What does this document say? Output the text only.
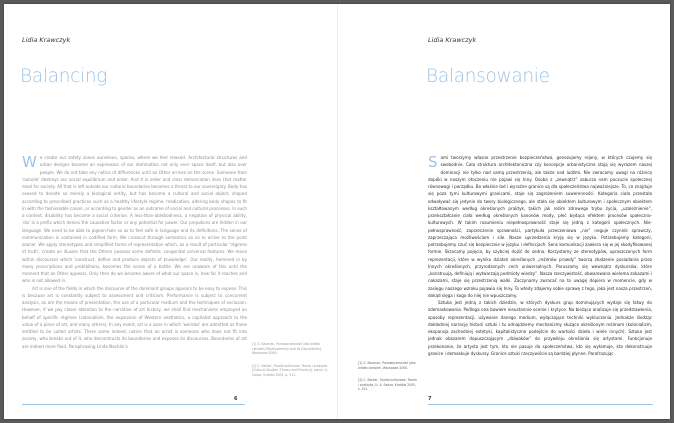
Lidia Krawczyk
Balancing

We create our safety zones ourselves, spaces, where we feel relaxed. Architectural structures and urban designs become an expression of our domination not only over space itself, but also over people. We do not take any notice of differences until an Other arrives on the scene. Someone from 'outside' destroys our social equilibrium and order. And it is order and clear demarcation lines that matter most for society. All that is left outside our cultural boundaries becomes a threat to our sovereignty. Body has ceased to denote so merely a biological entity, but has become a cultural and social object, shaped according to prescribed practices such as a healthy lifestyle régime, medication, altering body shapes to fit in with the fashionable canon, or according to gender as an outcome of social and cultural processes. In such a context, disability has become a social criterion. A less-than-ablebodiness, a negation of physical ability, 'dis' is a prefix which denies the causative factor or any potential for power. Our prejudices are hidden in our language. We need to be able to pigeon-hole so as to feel safe in language and its definitions. The sense of communication is contained in codified form. We crosscut through semantics so as to arrive to the point sooner. We apply stereotypes and simplified forms of representation which, as a result of particular 'régimes of truth', create an illusion that the Others possess some definite, congenital universal features. We move within discourses which 'construct, define and produce objects of knowledge'. Our reality, hemmed in by many proscriptions and prohibitions, becomes the scene of a battle. We are unaware of this until the moment that an Other appears. Only then do we become aware of what our space is, how far it reaches and who is not allowed in.

Art is one of the fields in which the discourse of the dominant groups appears to be easy to expose. This is because art is constantly subject to assessment and criticism. Performance is subject to concurrent analysis, as are the means of presentation, the use of a particular medium and the techniques of exclusion. However, if we pay closer attention to the narrative of art history, we shall find mechanisms employed on behalf of specific régimes (colonialism, the expansion of Western aesthetics, a capitalist approach to the value of a piece of art, and many others). In any event, art is a zone in which 'weirdos' are admitted as those entitled to be called artists. There some indeed, notice that an artist is someone who does not fit into society, who breaks out of it, who deconstructs its boundaries and exposes its discourses. Boundaries of art are indeed more fluid. Paraphrasing Linda Nochlin's	[1] Z. Bauman, Ponowoczesność jako źródło cierpień [Postmodernity and its Discontents], Warszawa 2000.
[2] C. Barker, Studia kulturowe. Teoria i praktyka [Cultural Studies: Theory and Practice], transl. A. Sadza, Kraków 2005, p. 511.
6
Lidia Krawczyk
Balansowanie

Sami tworzymy własne przestrzenie bezpieczeństwa, genezujemy rejony, w których czujemy się swobodnie. Cała struktura architektoniczna czy koncepcje urbanistyczne stają się wyrazem naszej dominacji nie tylko nad samą przestrzenią, ale także nad ludźmi. Nie zwracamy uwagi na różnicę dopóki w naszym otoczeniu nie pojawi się Inny. Osoba z „zewnątrz” zaburza nam poczucie społecznej równowagi i porządku. Bo właśnie ład i wyraźne granice są dla społeczeństwa najważniejsze. To, co znajduje się poza tymi kulturowymi granicami, staje się zagrożeniem suwerenności. Kategoria ciała przestała odwoływać się jedynie do twory biologicznego, ale stała się obiektem kulturowym i społecznym obiektem kształtowanym według określonych praktyk, takich jak reżim zdrowego trybu życia, „uzależnienie”, przekształcanie ciała według określonych kanonów mody, płeć będąca efektem procesów społeczno-kulturowych. W takim rozumieniu niepełnosprawność staje się jedną z kategorii społecznych. Nie-pełnosprawność, zaprzeczenie sprawności, partykuła przeczeniowa „nie” neguje czynnik sprawczy, zaprzeczająca możliwościom i sile. Nasze uprzedzenia kryją się w języku. Potrzebujemy kategorii, potrzebujemy czuć się bezpiecznie w języku i definicjach. Sens komunikacji zawiera się w jej skodyfikowanej formie. Skracamy pojęcia, by szybciej dojść do sedna. Korzystamy ze stereotypów, uproszczonych form reprezentacji, które w wyniku działań określonych „reżimów prawdy” tworzą złudzenie posiadania przez Innych określonych, przyrodzonych cech uniwersalnych. Poruszamy się wewnątrz dyskursów, które „konstruują, definiują i wytwarzają podmioty wiedzy”. Nasza rzeczywistość, obwarowana wieloma zakazami i nakazami, staje się przestrzenią walki. Zaczynamy zwracać na to uwagę dopiero w momencie, gdy w zasięgu naszego wzroku pojawia się Inny. To wtedy zdajemy sobie sprawę z tego, jaka jest nasza przestrzeń, dokąd sięga i kogo do niej nie wpuszczamy.

Sztuka jest jedną z takich dziedzin, w których dyskurs grup dominujących wydaje się łatwy do zdemaskowania. Podlega ona bowiem nieustannie ocenie i krytyce. Na bieżąco analizuje się przedstawienia, sposoby reprezentacji, używanie danego medium, wyłączające techniki wykluczenia. Jednakże śledząc dokładniej narrację historii sztuki i tu odnajdziemy mechanizmy służące określonym reżimom (kolonializm, ekspansja zachodniej estetyki, kapitalistyczne podejście do wartości dzieła i wiele innych). Sztuka jest jednak obszarem dopuszczającym „dziwaków” do przywileju określania się artystami. Funkcjonuje przekonanie, że artysta jest tym, kto nie pasuje do społeczeństwa, kto się wyłamuje, kto dekonstruuje granice i demaskuje dyskursy. Granice sztuki rzeczywiście są bardziej płynne. Parafrazując

[1] Z. Bauman, Ponowoczesność jako źródło cierpień, Warszawa 2000.
[2] C. Barker, Studia kulturowe. Teoria i praktyka, tł. A. Sadza, Kraków 2005, s. 511.
7
